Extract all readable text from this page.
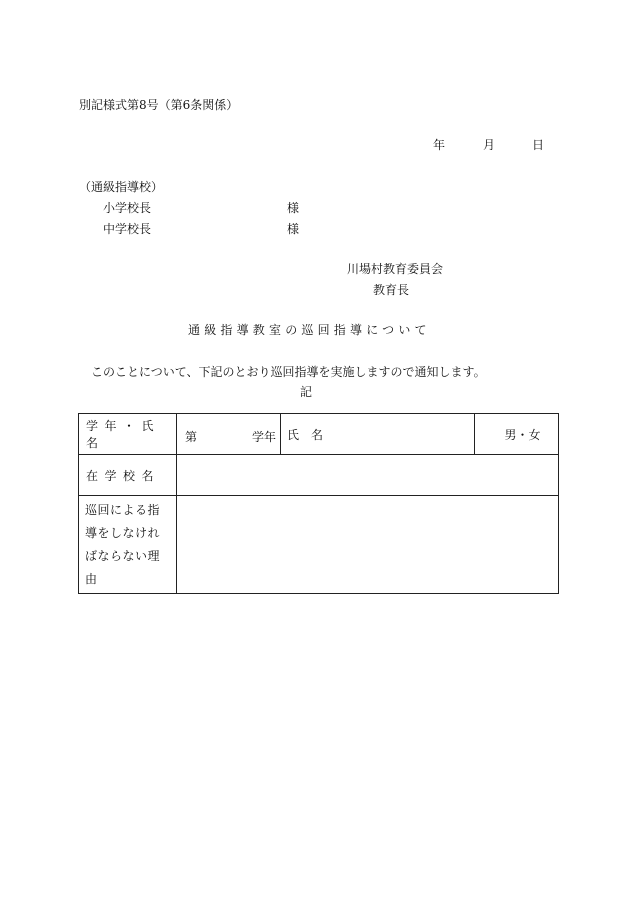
別記様式第8号（第6条関係）
年	月	日
（通級指導校）
小学校長	様
中学校長	様
川場村教育委員会
教育長
通級指導教室の巡回指導について
このことについて、下記のとおり巡回指導を実施しますので通知します。
記
学年・氏名	第 学年	氏名	男・女
在学校名			
巡回による指導をしなければならない理由			
